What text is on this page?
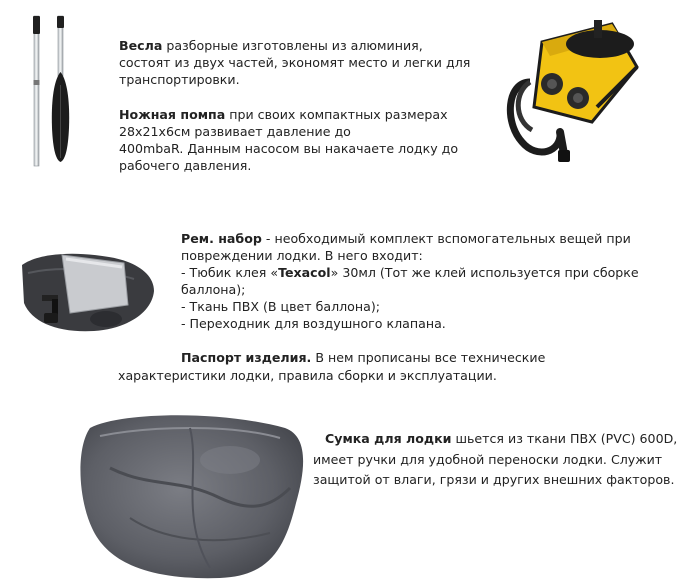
Весла разборные изготовлены из алюминия,
состоят из двух частей, экономят место и легки для
транспортировки.
Ножная помпа при своих компактных размерах
28х21х6см развивает давление до
400mbaR. Данным насосом вы накачаете лодку до
рабочего давления.
Рем. набор - необходимый комплект вспомогательных вещей при
повреждении лодки. В него входит:
- Тюбик клея «Texacol» 30мл (Тот же клей используется при сборке
баллона);
- Ткань ПВХ (В цвет баллона);
- Переходник для воздушного клапана.
Паспорт изделия. В нем прописаны все технические
характеристики лодки, правила сборки и эксплуатации.
Сумка для лодки шьется из ткани ПВХ (PVC) 600D,
имеет ручки для удобной переноски лодки. Служит
защитой от влаги, грязи и других внешних факторов.
